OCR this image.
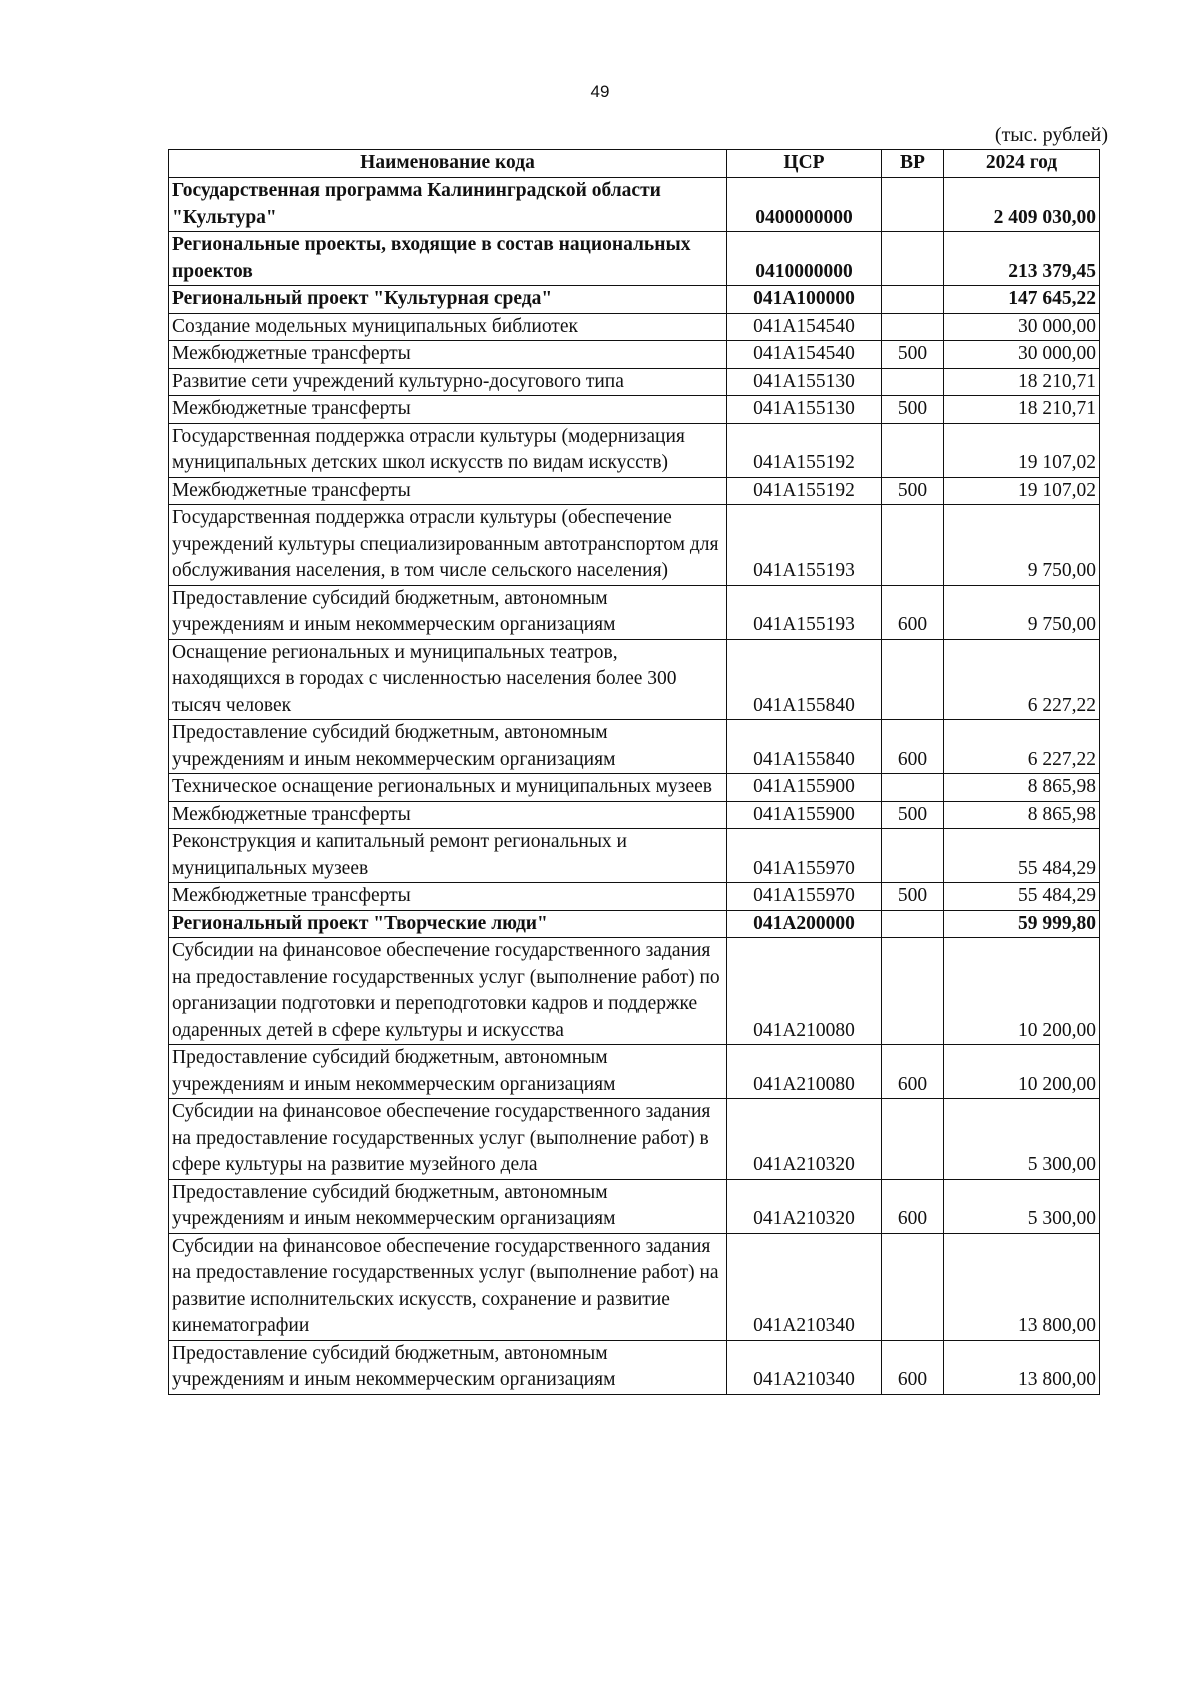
49
(тыс. рублей)
Наименование кода	ЦСР	ВР	2024 год
Государственная программа Калининградской области "Культура"	0400000000		2 409 030,00
Региональные проекты, входящие в состав национальных проектов	0410000000		213 379,45
Региональный проект "Культурная среда"	041A100000		147 645,22
Создание модельных муниципальных библиотек	041A154540		30 000,00
Межбюджетные трансферты	041A154540	500	30 000,00
Развитие сети учреждений культурно-досугового типа	041A155130		18 210,71
Межбюджетные трансферты	041A155130	500	18 210,71
Государственная поддержка отрасли культуры (модернизация муниципальных детских школ искусств по видам искусств)	041A155192		19 107,02
Межбюджетные трансферты	041A155192	500	19 107,02
Государственная поддержка отрасли культуры (обеспечение учреждений культуры специализированным автотранспортом для обслуживания населения, в том числе сельского населения)	041A155193		9 750,00
Предоставление субсидий бюджетным, автономным учреждениям и иным некоммерческим организациям	041A155193	600	9 750,00
Оснащение региональных и муниципальных театров, находящихся в городах с численностью населения более 300 тысяч человек	041A155840		6 227,22
Предоставление субсидий бюджетным, автономным учреждениям и иным некоммерческим организациям	041A155840	600	6 227,22
Техническое оснащение региональных и муниципальных музеев	041A155900		8 865,98
Межбюджетные трансферты	041A155900	500	8 865,98
Реконструкция и капитальный ремонт региональных и муниципальных музеев	041A155970		55 484,29
Межбюджетные трансферты	041A155970	500	55 484,29
Региональный проект "Творческие люди"	041A200000		59 999,80
Субсидии на финансовое обеспечение государственного задания на предоставление государственных услуг (выполнение работ) по организации подготовки и переподготовки кадров и поддержке одаренных детей в сфере культуры и искусства	041A210080		10 200,00
Предоставление субсидий бюджетным, автономным учреждениям и иным некоммерческим организациям	041A210080	600	10 200,00
Субсидии на финансовое обеспечение государственного задания на предоставление государственных услуг (выполнение работ) в сфере культуры на развитие музейного дела	041A210320		5 300,00
Предоставление субсидий бюджетным, автономным учреждениям и иным некоммерческим организациям	041A210320	600	5 300,00
Субсидии на финансовое обеспечение государственного задания на предоставление государственных услуг (выполнение работ) на развитие исполнительских искусств, сохранение и развитие кинематографии	041A210340		13 800,00
Предоставление субсидий бюджетным, автономным учреждениям и иным некоммерческим организациям	041A210340	600	13 800,00
